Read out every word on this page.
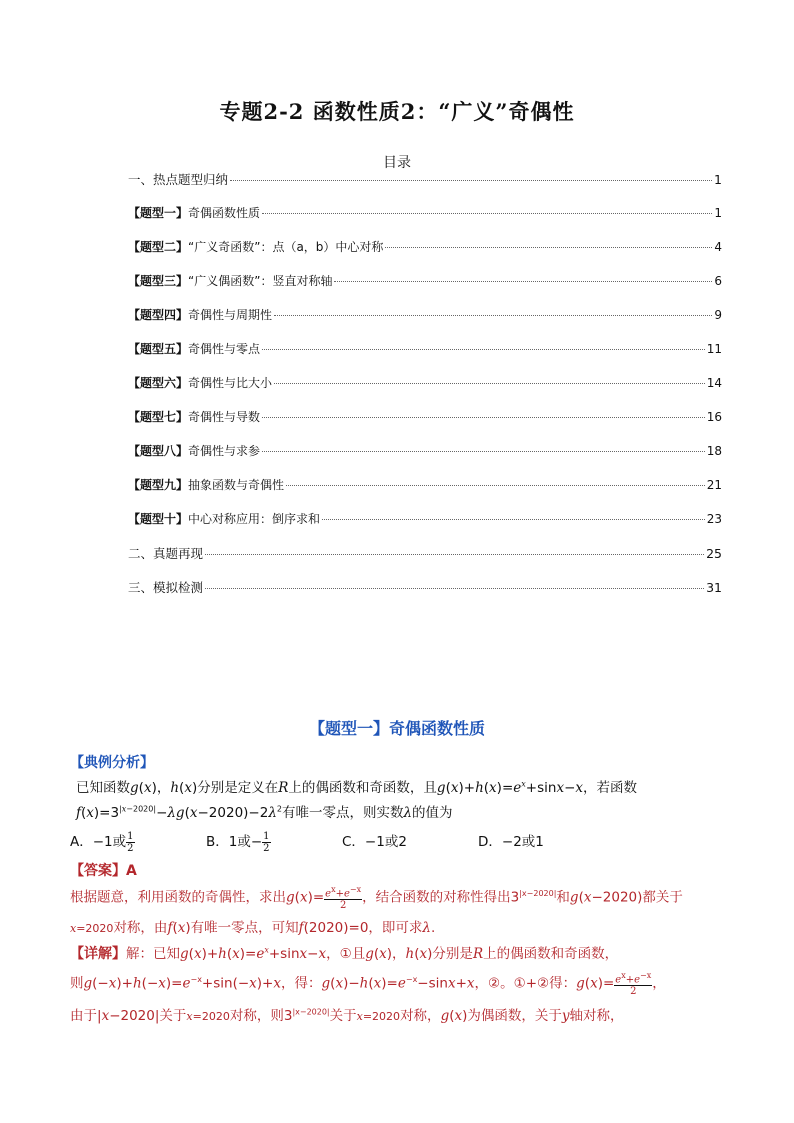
专题2-2 函数性质2：“广义”奇偶性
目录
一、热点题型归纳	1
【题型一】奇偶函数性质	1
【题型二】“广义奇函数”：点（a，b）中心对称	4
【题型三】“广义偶函数”：竖直对称轴	6
【题型四】奇偶性与周期性	9
【题型五】奇偶性与零点	11
【题型六】奇偶性与比大小	14
【题型七】奇偶性与导数	16
【题型八】奇偶性与求参	18
【题型九】抽象函数与奇偶性	21
【题型十】中心对称应用：倒序求和	23
二、真题再现	25
三、模拟检测	31
【题型一】奇偶函数性质
【典例分析】
已知函数g(x)，h(x)分别是定义在R上的偶函数和奇函数，且$g(x)+h(x)=e^x+\sin x-x$，若函数
$f(x)=3^{|x-2020|}-\lambda g(x-2020)-2\lambda^2$有唯一零点，则实数λ的值为
A．−1或 $\frac{1}{2}$	B．1或− $\frac{1}{2}$	C．−1或2	D．−2或1
【答案】A
根据题意，利用函数的奇偶性，求出$g(x)= \frac{e^x+e^{-x}}{2}$ ，结合函数的对称性得出$3^{|x-2020|}$和g(x−2020)都关于
x=2020对称，由f(x)有唯一零点，可知f(2020)=0，即可求λ.
【详解】解：已知$g(x)+h(x)=e^x+\sin x-x$，①且g(x)，h(x)分别是R上的偶函数和奇函数，
则$g(-x)+h(-x)=e^{-x}+\sin(-x)+x$，得：$g(x)-h(x)=e^{-x}-\sin x+x$，②。①+②得：$g(x)= \frac{e^x+e^{-x}}{2}$ ，
由于|x−2020|关于x=2020对称，则$3^{|x-2020|}$关于x=2020对称，g(x)为偶函数，关于y轴对称，
